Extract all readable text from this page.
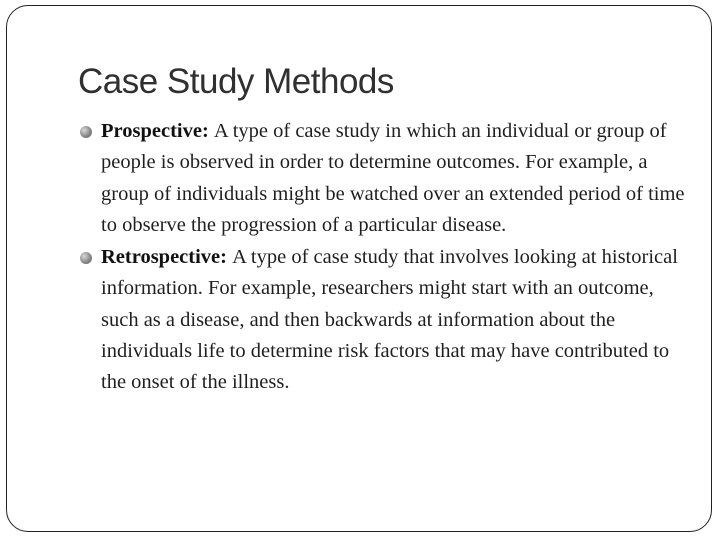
Case Study Methods
Prospective: A type of case study in which an individual or group of people is observed in order to determine outcomes. For example, a group of individuals might be watched over an extended period of time to observe the progression of a particular disease.
Retrospective: A type of case study that involves looking at historical information. For example, researchers might start with an outcome, such as a disease, and then backwards at information about the individuals life to determine risk factors that may have contributed to the onset of the illness.
